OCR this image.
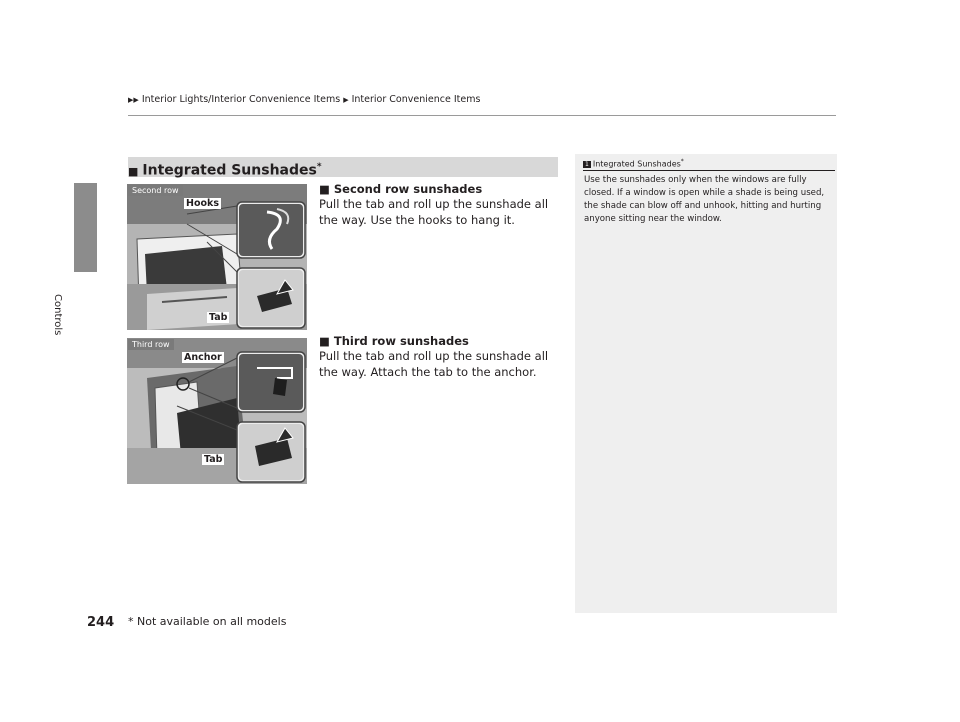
▶▶ Interior Lights/Interior Convenience Items ▶ Interior Convenience Items
Controls
■ Integrated Sunshades*
Second row
Hooks
Tab
Third row
Anchor
Tab
■ Second row sunshades
Pull the tab and roll up the sunshade all the way. Use the hooks to hang it.
■ Third row sunshades
Pull the tab and roll up the sunshade all the way. Attach the tab to the anchor.
1 Integrated Sunshades*
Use the sunshades only when the windows are fully closed. If a window is open while a shade is being used, the shade can blow off and unhook, hitting and hurting anyone sitting near the window.
244 * Not available on all models
